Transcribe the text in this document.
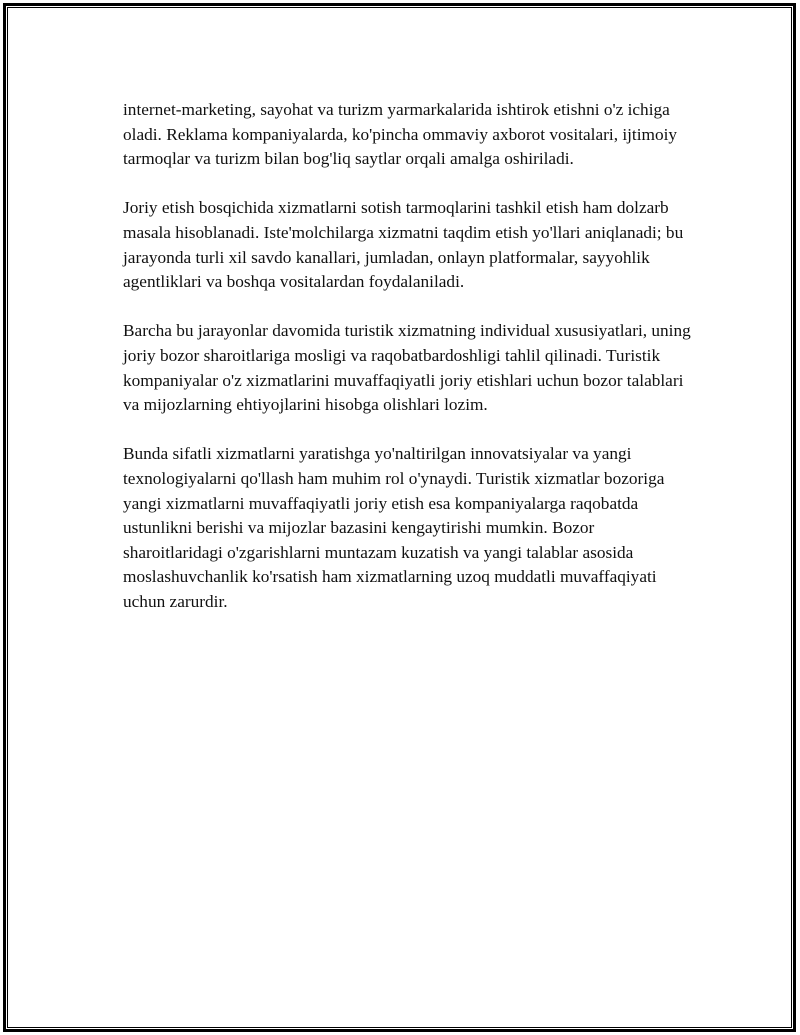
internet-marketing, sayohat va turizm yarmarkalarida ishtirok etishni o'z ichiga oladi. Reklama kompaniyalarda, ko'pincha ommaviy axborot vositalari, ijtimoiy tarmoqlar va turizm bilan bog'liq saytlar orqali amalga oshiriladi.

Joriy etish bosqichida xizmatlarni sotish tarmoqlarini tashkil etish ham dolzarb masala hisoblanadi. Iste'molchilarga xizmatni taqdim etish yo'llari aniqlanadi; bu jarayonda turli xil savdo kanallari, jumladan, onlayn platformalar, sayyohlik agentliklari va boshqa vositalardan foydalaniladi.

Barcha bu jarayonlar davomida turistik xizmatning individual xususiyatlari, uning joriy bozor sharoitlariga mosligi va raqobatbardoshligi tahlil qilinadi. Turistik kompaniyalar o'z xizmatlarini muvaffaqiyatli joriy etishlari uchun bozor talablari va mijozlarning ehtiyojlarini hisobga olishlari lozim.

Bunda sifatli xizmatlarni yaratishga yo'naltirilgan innovatsiyalar va yangi texnologiyalarni qo'llash ham muhim rol o'ynaydi. Turistik xizmatlar bozoriga yangi xizmatlarni muvaffaqiyatli joriy etish esa kompaniyalarga raqobatda ustunlikni berishi va mijozlar bazasini kengaytirishi mumkin. Bozor sharoitlaridagi o'zgarishlarni muntazam kuzatish va yangi talablar asosida moslashuvchanlik ko'rsatish ham xizmatlarning uzoq muddatli muvaffaqiyati uchun zarurdir.
